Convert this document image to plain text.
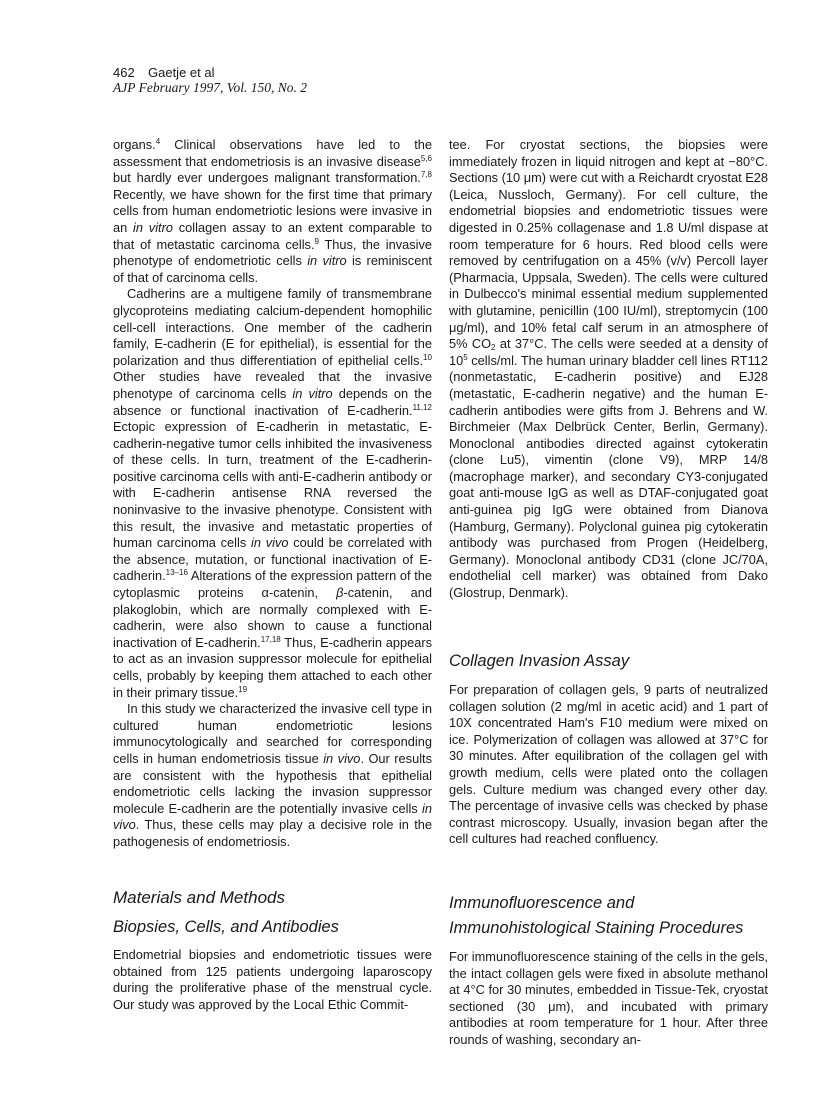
462 Gaetje et al
AJP February 1997, Vol. 150, No. 2

organs.$^4$ Clinical observations have led to the assessment that endometriosis is an invasive disease$^{5,6}$ but hardly ever undergoes malignant transformation.$^{7,8}$ Recently, we have shown for the first time that primary cells from human endometriotic lesions were invasive in an in vitro collagen assay to an extent comparable to that of metastatic carcinoma cells.$^9$ Thus, the invasive phenotype of endometriotic cells in vitro is reminiscent of that of carcinoma cells.

Cadherins are a multigene family of transmembrane glycoproteins mediating calcium-dependent homophilic cell-cell interactions. One member of the cadherin family, E-cadherin (E for epithelial), is essential for the polarization and thus differentiation of epithelial cells.$^{10}$ Other studies have revealed that the invasive phenotype of carcinoma cells in vitro depends on the absence or functional inactivation of E-cadherin.$^{11,12}$ Ectopic expression of E-cadherin in metastatic, E-cadherin-negative tumor cells inhibited the invasiveness of these cells. In turn, treatment of the E-cadherin-positive carcinoma cells with anti-E-cadherin antibody or with E-cadherin antisense RNA reversed the noninvasive to the invasive phenotype. Consistent with this result, the invasive and metastatic properties of human carcinoma cells in vivo could be correlated with the absence, mutation, or functional inactivation of E-cadherin.$^{13-16}$ Alterations of the expression pattern of the cytoplasmic proteins α-catenin, β-catenin, and plakoglobin, which are normally complexed with E-cadherin, were also shown to cause a functional inactivation of E-cadherin.$^{17,18}$ Thus, E-cadherin appears to act as an invasion suppressor molecule for epithelial cells, probably by keeping them attached to each other in their primary tissue.$^{19}$

In this study we characterized the invasive cell type in cultured human endometriotic lesions immunocytologically and searched for corresponding cells in human endometriosis tissue in vivo. Our results are consistent with the hypothesis that epithelial endometriotic cells lacking the invasion suppressor molecule E-cadherin are the potentially invasive cells in vivo. Thus, these cells may play a decisive role in the pathogenesis of endometriosis.

Materials and Methods
Biopsies, Cells, and Antibodies

Endometrial biopsies and endometriotic tissues were obtained from 125 patients undergoing laparoscopy during the proliferative phase of the menstrual cycle. Our study was approved by the Local Ethic Commit-

tee. For cryostat sections, the biopsies were immediately frozen in liquid nitrogen and kept at −80°C. Sections (10 μm) were cut with a Reichardt cryostat E28 (Leica, Nussloch, Germany). For cell culture, the endometrial biopsies and endometriotic tissues were digested in 0.25% collagenase and 1.8 U/ml dispase at room temperature for 6 hours. Red blood cells were removed by centrifugation on a 45% (v/v) Percoll layer (Pharmacia, Uppsala, Sweden). The cells were cultured in Dulbecco's minimal essential medium supplemented with glutamine, penicillin (100 IU/ml), streptomycin (100 μg/ml), and 10% fetal calf serum in an atmosphere of 5% $CO_2$ at 37°C. The cells were seeded at a density of $10^5$ cells/ml. The human urinary bladder cell lines RT112 (nonmetastatic, E-cadherin positive) and EJ28 (metastatic, E-cadherin negative) and the human E-cadherin antibodies were gifts from J. Behrens and W. Birchmeier (Max Delbrück Center, Berlin, Germany). Monoclonal antibodies directed against cytokeratin (clone Lu5), vimentin (clone V9), MRP 14/8 (macrophage marker), and secondary CY3-conjugated goat anti-mouse IgG as well as DTAF-conjugated goat anti-guinea pig IgG were obtained from Dianova (Hamburg, Germany). Polyclonal guinea pig cytokeratin antibody was purchased from Progen (Heidelberg, Germany). Monoclonal antibody CD31 (clone JC/70A, endothelial cell marker) was obtained from Dako (Glostrup, Denmark).

Collagen Invasion Assay

For preparation of collagen gels, 9 parts of neutralized collagen solution (2 mg/ml in acetic acid) and 1 part of 10X concentrated Ham's F10 medium were mixed on ice. Polymerization of collagen was allowed at 37°C for 30 minutes. After equilibration of the collagen gel with growth medium, cells were plated onto the collagen gels. Culture medium was changed every other day. The percentage of invasive cells was checked by phase contrast microscopy. Usually, invasion began after the cell cultures had reached confluency.

Immunofluorescence and
Immunohistological Staining Procedures

For immunofluorescence staining of the cells in the gels, the intact collagen gels were fixed in absolute methanol at 4°C for 30 minutes, embedded in Tissue-Tek, cryostat sectioned (30 μm), and incubated with primary antibodies at room temperature for 1 hour. After three rounds of washing, secondary an-
